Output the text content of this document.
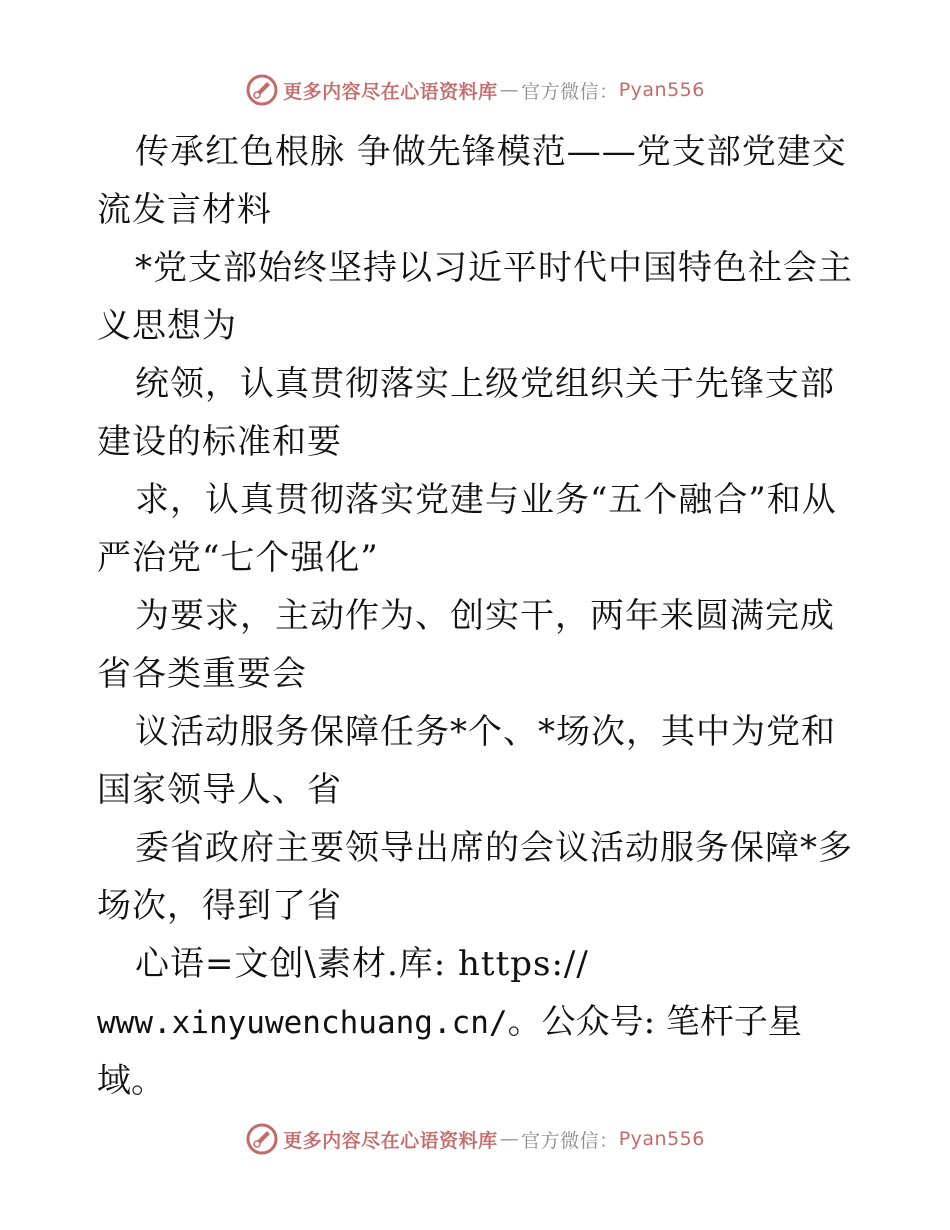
更多内容尽在心语资料库 — 官方微信： Pyan556

传承红色根脉 争做先锋模范——党支部党建交流发言材料

*党支部始终坚持以习近平时代中国特色社会主义思想为

统领，认真贯彻落实上级党组织关于先锋支部建设的标准和要

求，认真贯彻落实党建与业务“五个融合”和从严治党“七个强化”

为要求，主动作为、创实干，两年来圆满完成省各类重要会

议活动服务保障任务*个、*场次，其中为党和国家领导人、省

委省政府主要领导出席的会议活动服务保障*多场次，得到了省

心语=文创\素材.库: https://

www.xinyuwenchuang.cn/。公众号: 笔杆子星域。

更多内容尽在心语资料库 — 官方微信： Pyan556
